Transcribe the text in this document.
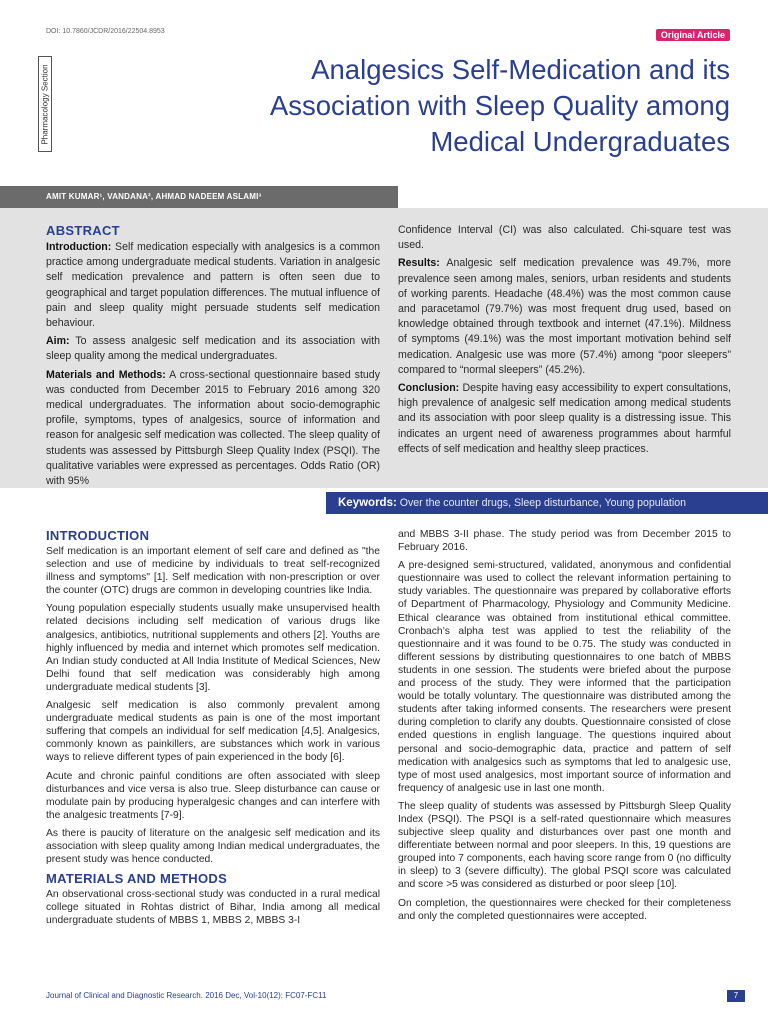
DOI: 10.7860/JCDR/2016/22504.8953	Original Article
Pharmacology Section	Analgesics Self-Medication and its Association with Sleep Quality among Medical Undergraduates
AMIT KUMAR¹, VANDANA², AHMAD NADEEM ASLAMI³
ABSTRACT

Introduction: Self medication especially with analgesics is a common practice among undergraduate medical students. Variation in analgesic self medication prevalence and pattern is often seen due to geographical and target population differences. The mutual influence of pain and sleep quality might persuade students self medication behaviour.

Aim: To assess analgesic self medication and its association with sleep quality among the medical undergraduates.

Materials and Methods: A cross-sectional questionnaire based study was conducted from December 2015 to February 2016 among 320 medical undergraduates. The information about socio-demographic profile, symptoms, types of analgesics, source of information and reason for analgesic self medication was collected. The sleep quality of students was assessed by Pittsburgh Sleep Quality Index (PSQI). The qualitative variables were expressed as percentages. Odds Ratio (OR) with 95%

Confidence Interval (CI) was also calculated. Chi-square test was used.

Results: Analgesic self medication prevalence was 49.7%, more prevalence seen among males, seniors, urban residents and students of working parents. Headache (48.4%) was the most common cause and paracetamol (79.7%) was most frequent drug used, based on knowledge obtained through textbook and internet (47.1%). Mildness of symptoms (49.1%) was the most important motivation behind self medication. Analgesic use was more (57.4%) among “poor sleepers” compared to “normal sleepers” (45.2%).

Conclusion: Despite having easy accessibility to expert consultations, high prevalence of analgesic self medication among medical students and its association with poor sleep quality is a distressing issue. This indicates an urgent need of awareness programmes about harmful effects of self medication and healthy sleep practices.

Keywords: Over the counter drugs, Sleep disturbance, Young population
INTRODUCTION

Self medication is an important element of self care and defined as "the selection and use of medicine by individuals to treat self-recognized illness and symptoms" [1]. Self medication with non-prescription or over the counter (OTC) drugs are common in developing countries like India.

Young population especially students usually make unsupervised health related decisions including self medication of various drugs like analgesics, antibiotics, nutritional supplements and others [2]. Youths are highly influenced by media and internet which promotes self medication. An Indian study conducted at All India Institute of Medical Sciences, New Delhi found that self medication was considerably high among undergraduate medical students [3].

Analgesic self medication is also commonly prevalent among undergraduate medical students as pain is one of the most important suffering that compels an individual for self medication [4,5]. Analgesics, commonly known as painkillers, are substances which work in various ways to relieve different types of pain experienced in the body [6].

Acute and chronic painful conditions are often associated with sleep disturbances and vice versa is also true. Sleep disturbance can cause or modulate pain by producing hyperalgesic changes and can interfere with the analgesic treatments [7-9].

As there is paucity of literature on the analgesic self medication and its association with sleep quality among Indian medical undergraduates, the present study was hence conducted.

MATERIALS AND METHODS

An observational cross-sectional study was conducted in a rural medical college situated in Rohtas district of Bihar, India among all medical undergraduate students of MBBS 1, MBBS 2, MBBS 3-I

and MBBS 3-II phase. The study period was from December 2015 to February 2016.

A pre-designed semi-structured, validated, anonymous and confidential questionnaire was used to collect the relevant information pertaining to study variables. The questionnaire was prepared by collaborative efforts of Department of Pharmacology, Physiology and Community Medicine. Ethical clearance was obtained from institutional ethical committee. Cronbach’s alpha test was applied to test the reliability of the questionnaire and it was found to be 0.75. The study was conducted in different sessions by distributing questionnaires to one batch of MBBS students in one session. The students were briefed about the purpose and process of the study. They were informed that the participation would be totally voluntary. The questionnaire was distributed among the students after taking informed consents. The researchers were present during completion to clarify any doubts. Questionnaire consisted of close ended questions in english language. The questions inquired about personal and socio-demographic data, practice and pattern of self medication with analgesics such as symptoms that led to analgesic use, type of most used analgesics, most important source of information and frequency of analgesic use in last one month.

The sleep quality of students was assessed by Pittsburgh Sleep Quality Index (PSQI). The PSQI is a self-rated questionnaire which measures subjective sleep quality and disturbances over past one month and differentiate between normal and poor sleepers. In this, 19 questions are grouped into 7 components, each having score range from 0 (no difficulty in sleep) to 3 (severe difficulty). The global PSQI score was calculated and score >5 was considered as disturbed or poor sleep [10].

On completion, the questionnaires were checked for their completeness and only the completed questionnaires were accepted.

Journal of Clinical and Diagnostic Research. 2016 Dec, Vol-10(12): FC07-FC11	7
